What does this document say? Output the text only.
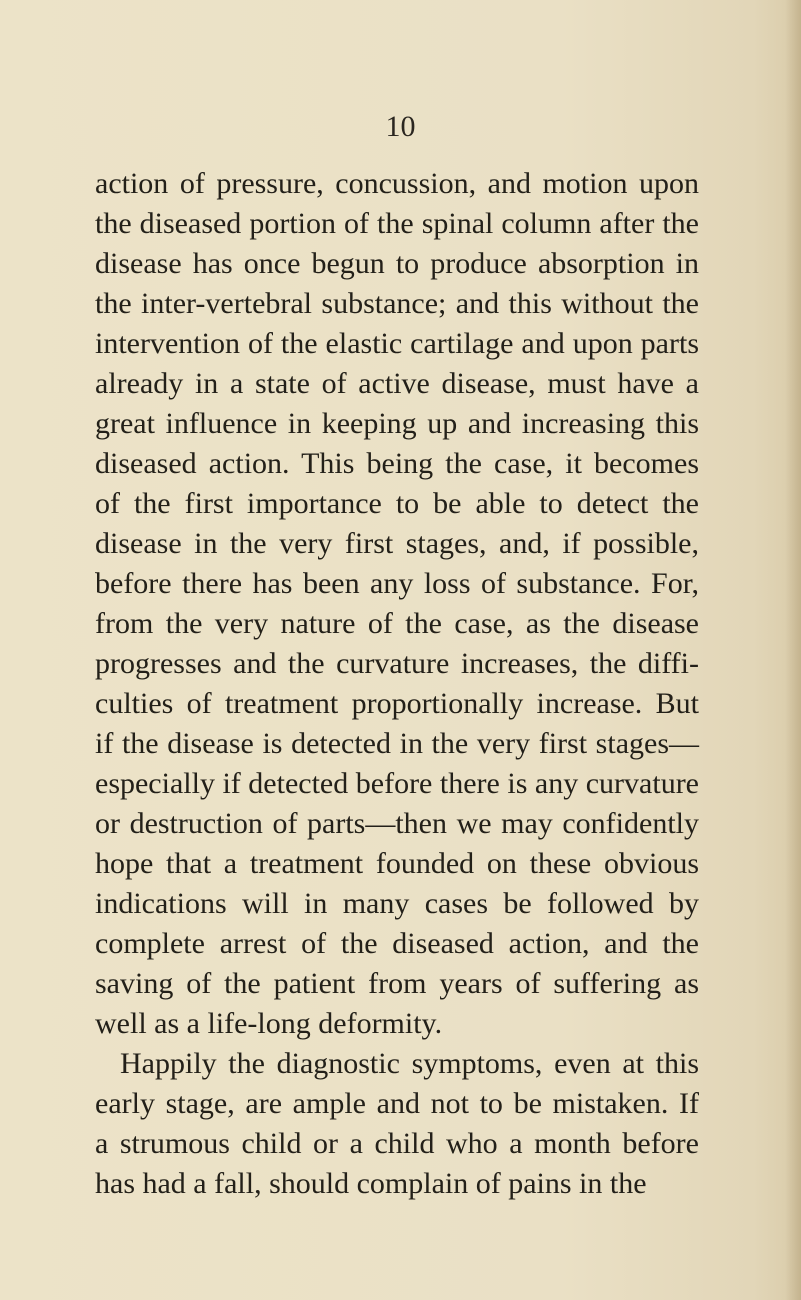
10
action of pressure, concussion, and motion upon
the diseased portion of the spinal column after the
disease has once begun to produce absorption in
the inter-vertebral substance; and this without the
intervention of the elastic cartilage and upon parts
already in a state of active disease, must have a
great influence in keeping up and increasing this
diseased action. This being the case, it becomes
of the first importance to be able to detect the
disease in the very first stages, and, if possible,
before there has been any loss of substance. For,
from the very nature of the case, as the disease
progresses and the curvature increases, the diffi-
culties of treatment proportionally increase. But
if the disease is detected in the very first stages—
especially if detected before there is any curvature
or destruction of parts—then we may confidently
hope that a treatment founded on these obvious
indications will in many cases be followed by
complete arrest of the diseased action, and the
saving of the patient from years of suffering as
well as a life-long deformity.
Happily the diagnostic symptoms, even at this
early stage, are ample and not to be mistaken. If
a strumous child or a child who a month before
has had a fall, should complain of pains in the
